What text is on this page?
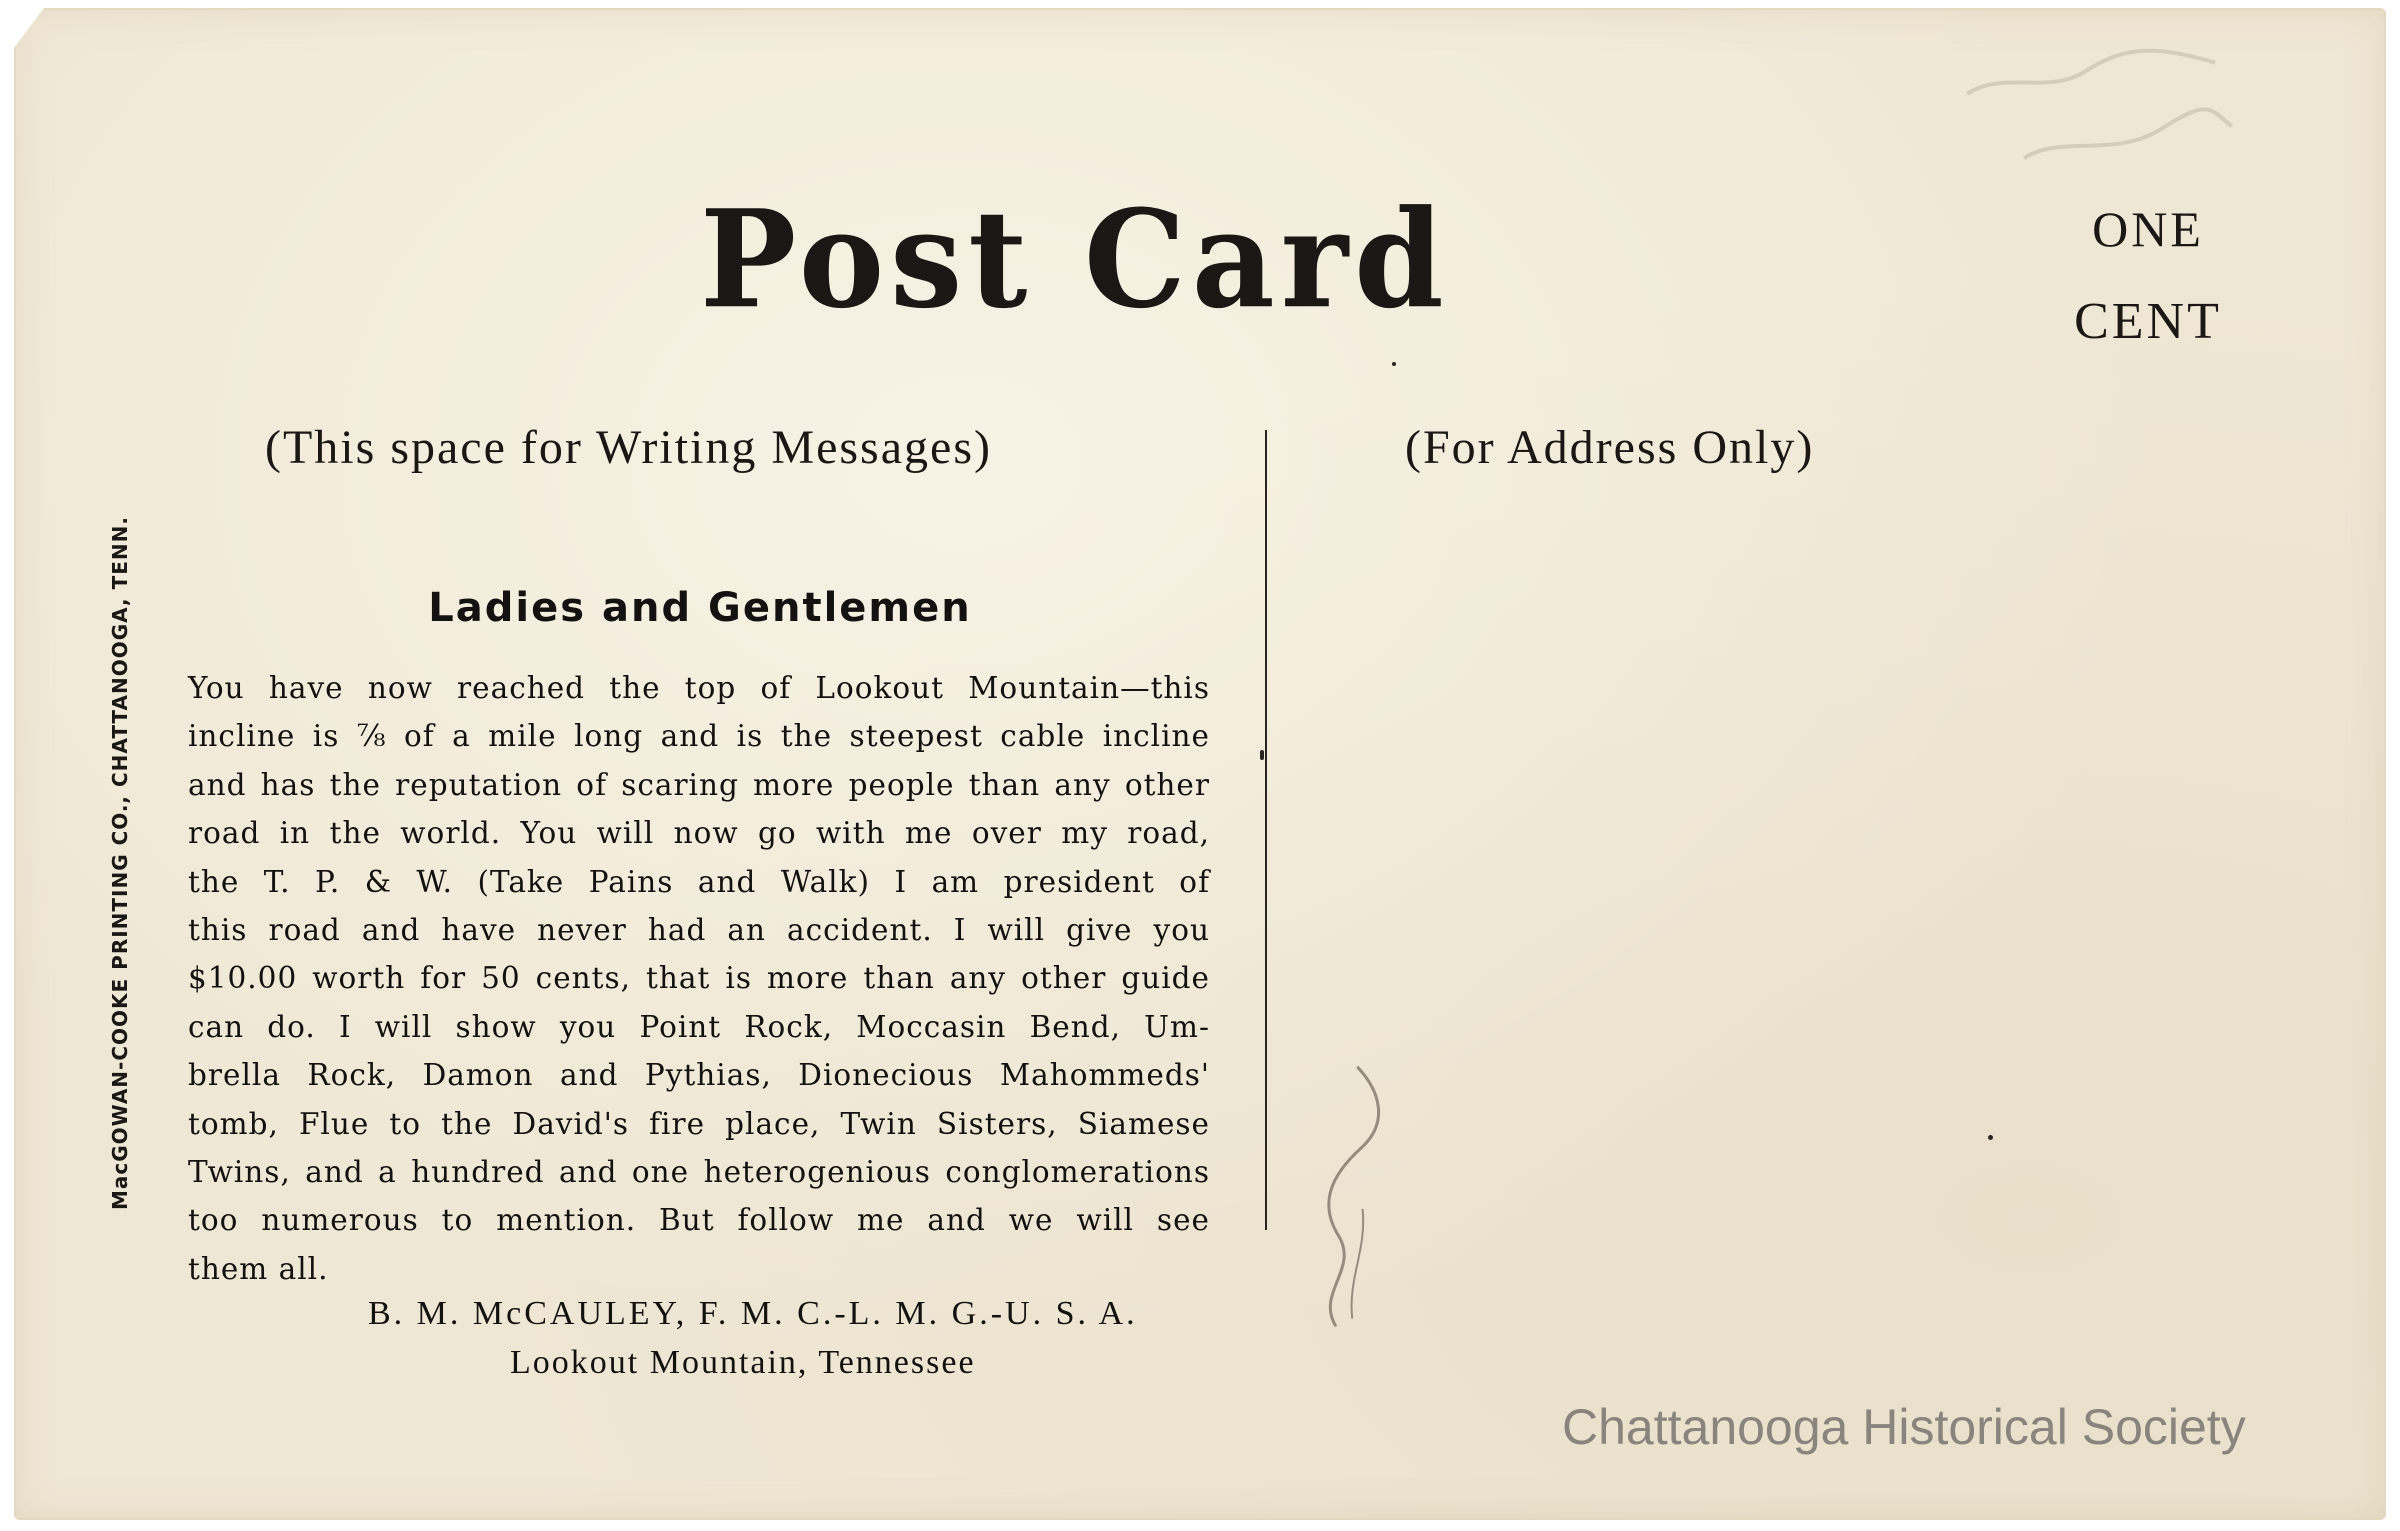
Post Card	ONE
CENT
MacGOWAN-COOKE PRINTING CO., CHATTANOOGA, TENN.
(This space for Writing Messages)	(For Address Only)
Ladies and Gentlemen
You have now reached the top of Lookout Mountain—this
incline is ⅞ of a mile long and is the steepest cable incline
and has the reputation of scaring more people than any other
road in the world. You will now go with me over my road,
the T. P. & W. (Take Pains and Walk) I am president of
this road and have never had an accident. I will give you
$10.00 worth for 50 cents, that is more than any other guide
can do. I will show you Point Rock, Moccasin Bend, Um-
brella Rock, Damon and Pythias, Dionecious Mahommeds'
tomb, Flue to the David's fire place, Twin Sisters, Siamese
Twins, and a hundred and one heterogenious conglomerations
too numerous to mention. But follow me and we will see
them all.
B. M. McCAULEY, F. M. C.-L. M. G.-U. S. A.
Lookout Mountain, Tennessee
Chattanooga Historical Society
